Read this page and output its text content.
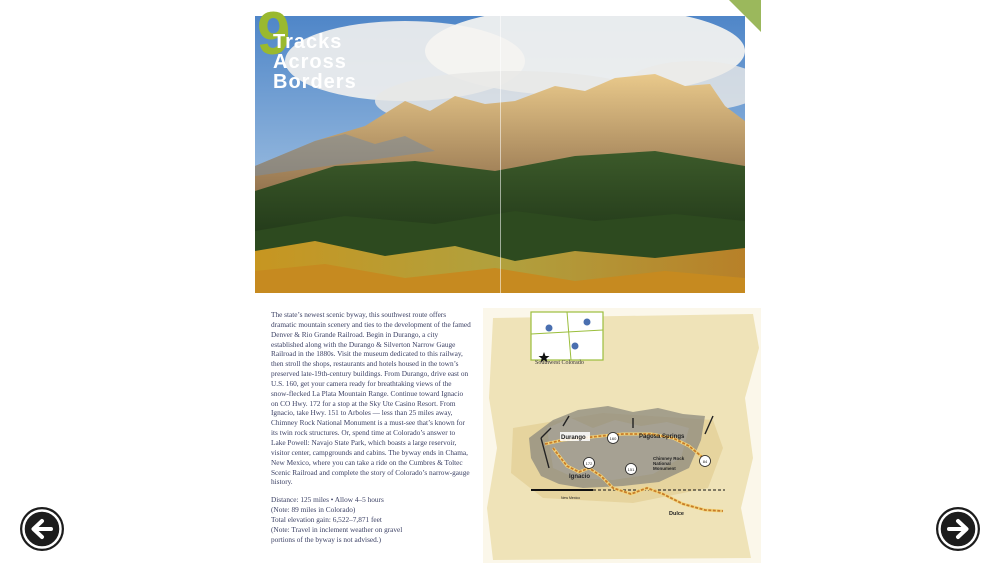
9
Tracks
Across
Borders

The state’s newest scenic byway, this southwest route offers dramatic mountain scenery and ties to the development of the famed Denver & Rio Grande Railroad. Begin in Durango, a city established along with the Durango & Silverton Narrow Gauge Railroad in the 1880s. Visit the museum dedicated to this railway, then stroll the shops, restaurants and hotels housed in the town’s preserved late-19th-century buildings. From Durango, drive east on U.S. 160, get your camera ready for breathtaking views of the snow-flecked La Plata Mountain Range. Continue toward Ignacio on CO Hwy. 172 for a stop at the Sky Ute Casino Resort. From Ignacio, take Hwy. 151 to Arboles — less than 25 miles away, Chimney Rock National Monument is a must-see that’s known for its twin rock structures. Or, spend time at Colorado’s answer to Lake Powell: Navajo State Park, which boasts a large reservoir, visitor center, campgrounds and cabins. The byway ends in Chama, New Mexico, where you can take a ride on the Cumbres & Toltec Scenic Railroad and complete the story of Colorado’s narrow-gauge history.

Distance: 125 miles • Allow 4–5 hours
(Note: 89 miles in Colorado)
Total elevation gain: 6,522–7,871 feet
(Note: Travel in inclement weather on gravel
portions of the byway is not advised.)

Durango	Pagosa Springs
Chimney Rock
National
Monument
Ignacio
New Mexico
Dulce
160
172
151
84
Southwest Colorado
